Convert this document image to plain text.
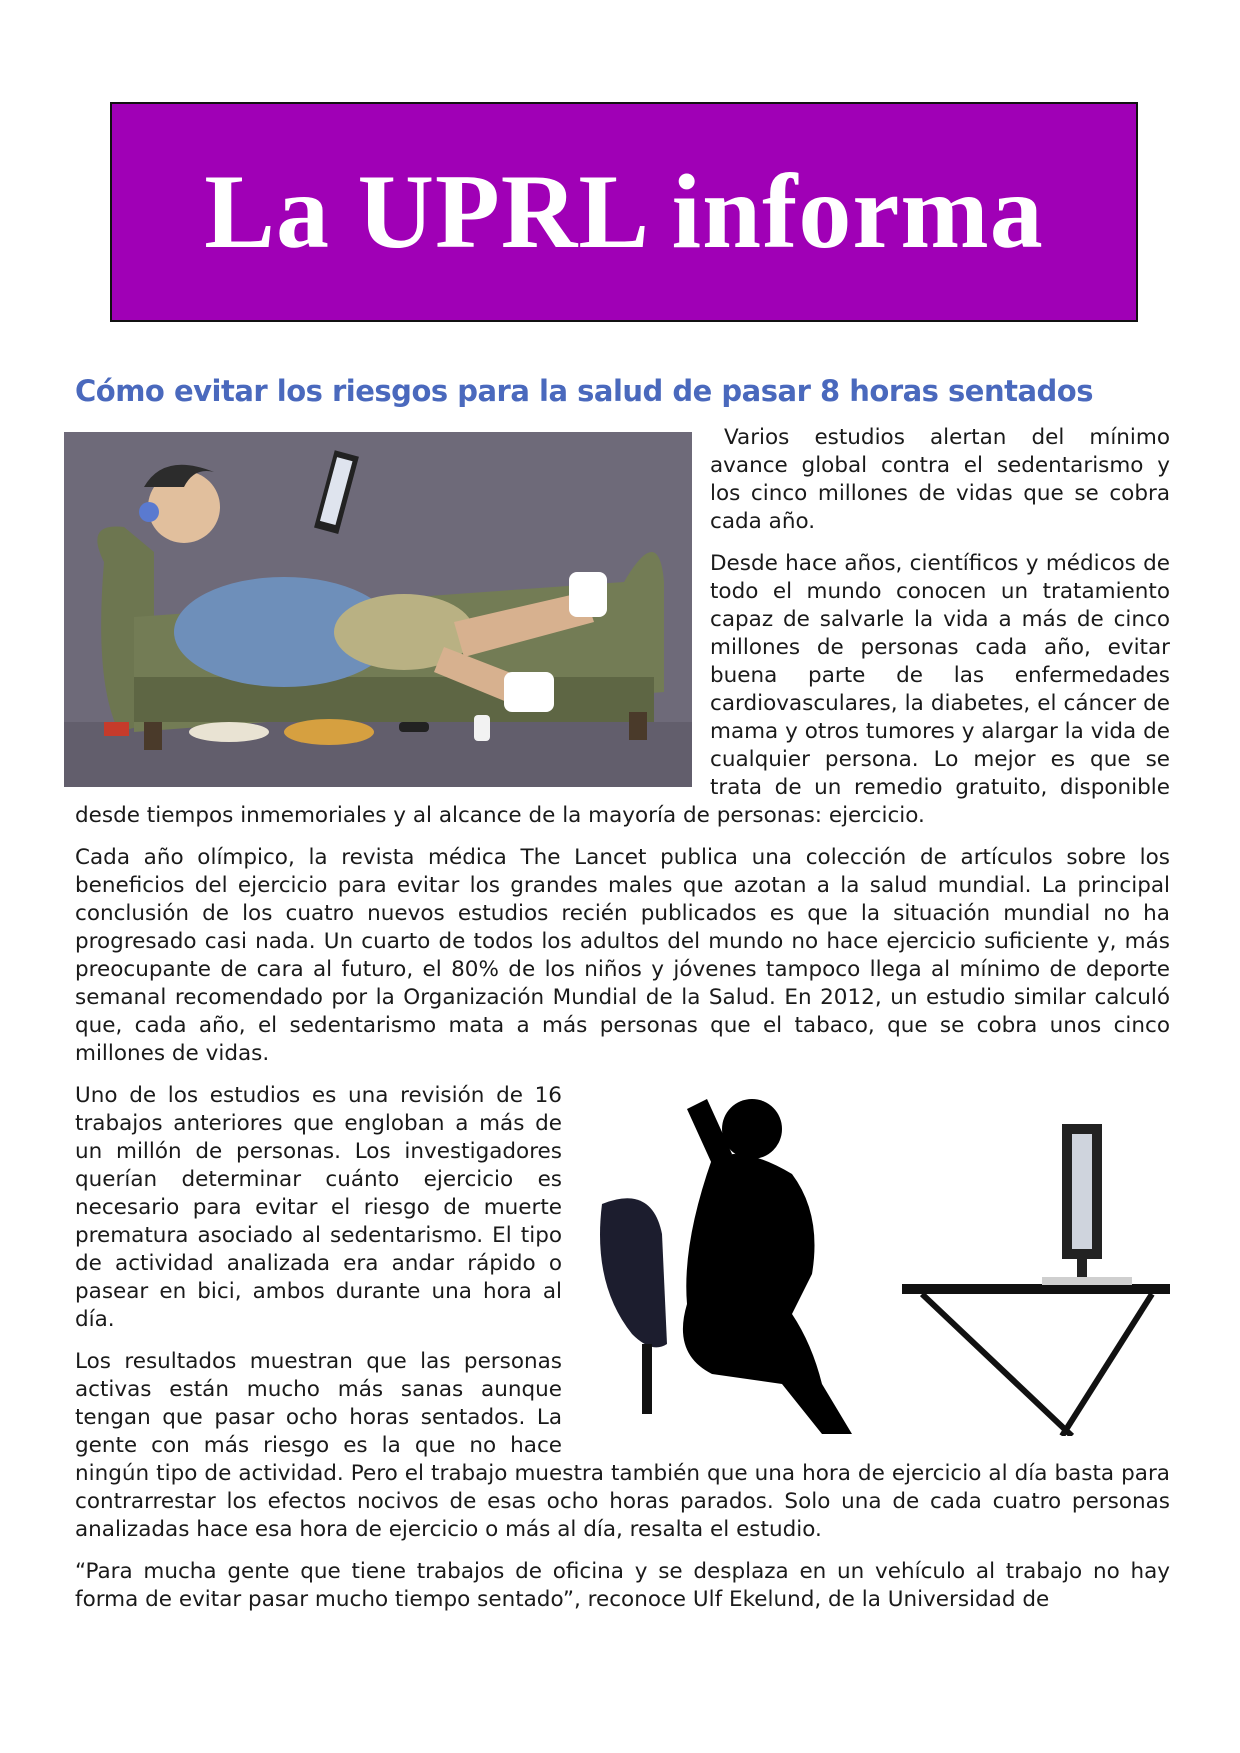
La UPRL informa
Cómo evitar los riesgos para la salud de pasar 8 horas sentados

Varios estudios alertan del mínimo avance global contra el sedentarismo y los cinco millones de vidas que se cobra cada año.

Desde hace años, científicos y médicos de todo el mundo conocen un tratamiento capaz de salvarle la vida a más de cinco millones de personas cada año, evitar buena parte de las enfermedades cardiovasculares, la diabetes, el cáncer de mama y otros tumores y alargar la vida de cualquier persona. Lo mejor es que se trata de un remedio gratuito, disponible desde tiempos inmemoriales y al alcance de la mayoría de personas: ejercicio.

Cada año olímpico, la revista médica The Lancet publica una colección de artículos sobre los beneficios del ejercicio para evitar los grandes males que azotan a la salud mundial. La principal conclusión de los cuatro nuevos estudios recién publicados es que la situación mundial no ha progresado casi nada. Un cuarto de todos los adultos del mundo no hace ejercicio suficiente y, más preocupante de cara al futuro, el 80% de los niños y jóvenes tampoco llega al mínimo de deporte semanal recomendado por la Organización Mundial de la Salud. En 2012, un estudio similar calculó que, cada año, el sedentarismo mata a más personas que el tabaco, que se cobra unos cinco millones de vidas.

Uno de los estudios es una revisión de 16 trabajos anteriores que engloban a más de un millón de personas. Los investigadores querían determinar cuánto ejercicio es necesario para evitar el riesgo de muerte prematura asociado al sedentarismo. El tipo de actividad analizada era andar rápido o pasear en bici, ambos durante una hora al día.

Los resultados muestran que las personas activas están mucho más sanas aunque tengan que pasar ocho horas sentados. La gente con más riesgo es la que no hace ningún tipo de actividad. Pero el trabajo muestra también que una hora de ejercicio al día basta para contrarrestar los efectos nocivos de esas ocho horas parados. Solo una de cada cuatro personas analizadas hace esa hora de ejercicio o más al día, resalta el estudio.

“Para mucha gente que tiene trabajos de oficina y se desplaza en un vehículo al trabajo no hay forma de evitar pasar mucho tiempo sentado”, reconoce Ulf Ekelund, de la Universidad de
